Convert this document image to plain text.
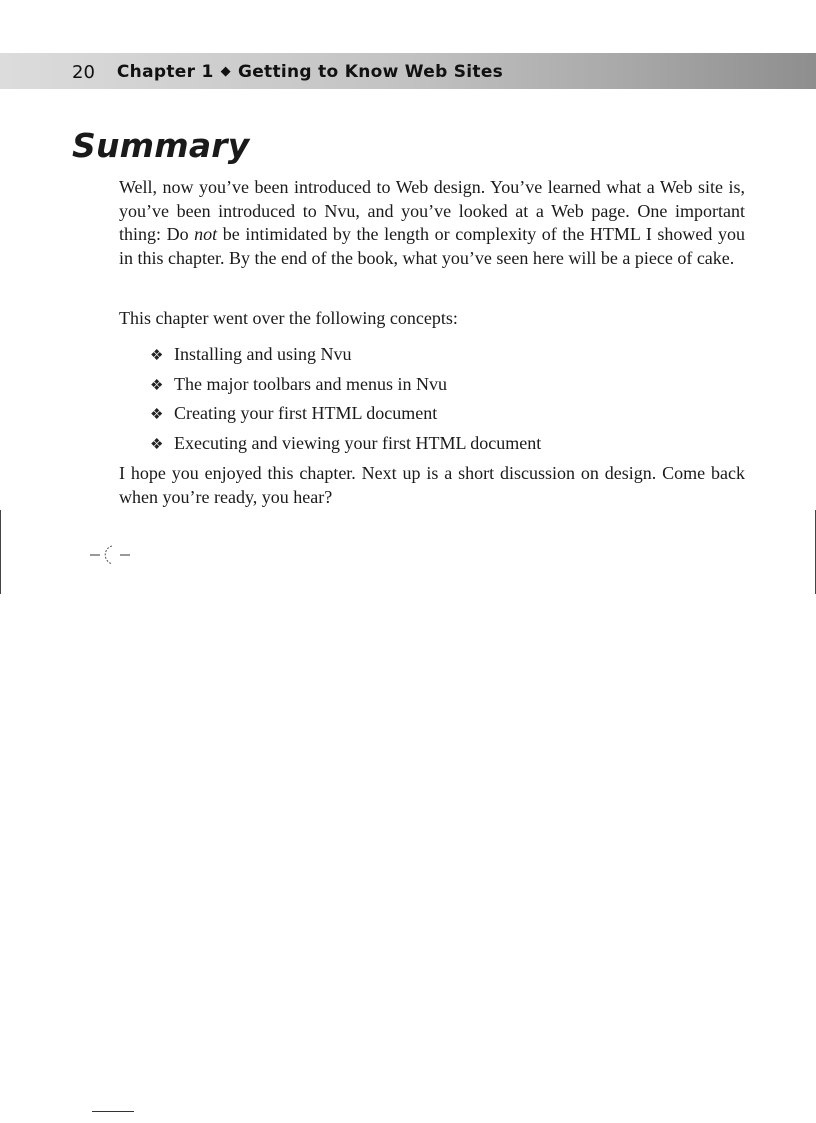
20 Chapter 1 ◆ Getting to Know Web Sites
Summary

Well, now you’ve been introduced to Web design. You’ve learned what a Web site is, you’ve been introduced to Nvu, and you’ve looked at a Web page. One important thing: Do not be intimidated by the length or complexity of the HTML I showed you in this chapter. By the end of the book, what you’ve seen here will be a piece of cake.

This chapter went over the following concepts:

❖ Installing and using Nvu
❖ The major toolbars and menus in Nvu
❖ Creating your first HTML document
❖ Executing and viewing your first HTML document

I hope you enjoyed this chapter. Next up is a short discussion on design. Come back when you’re ready, you hear?
